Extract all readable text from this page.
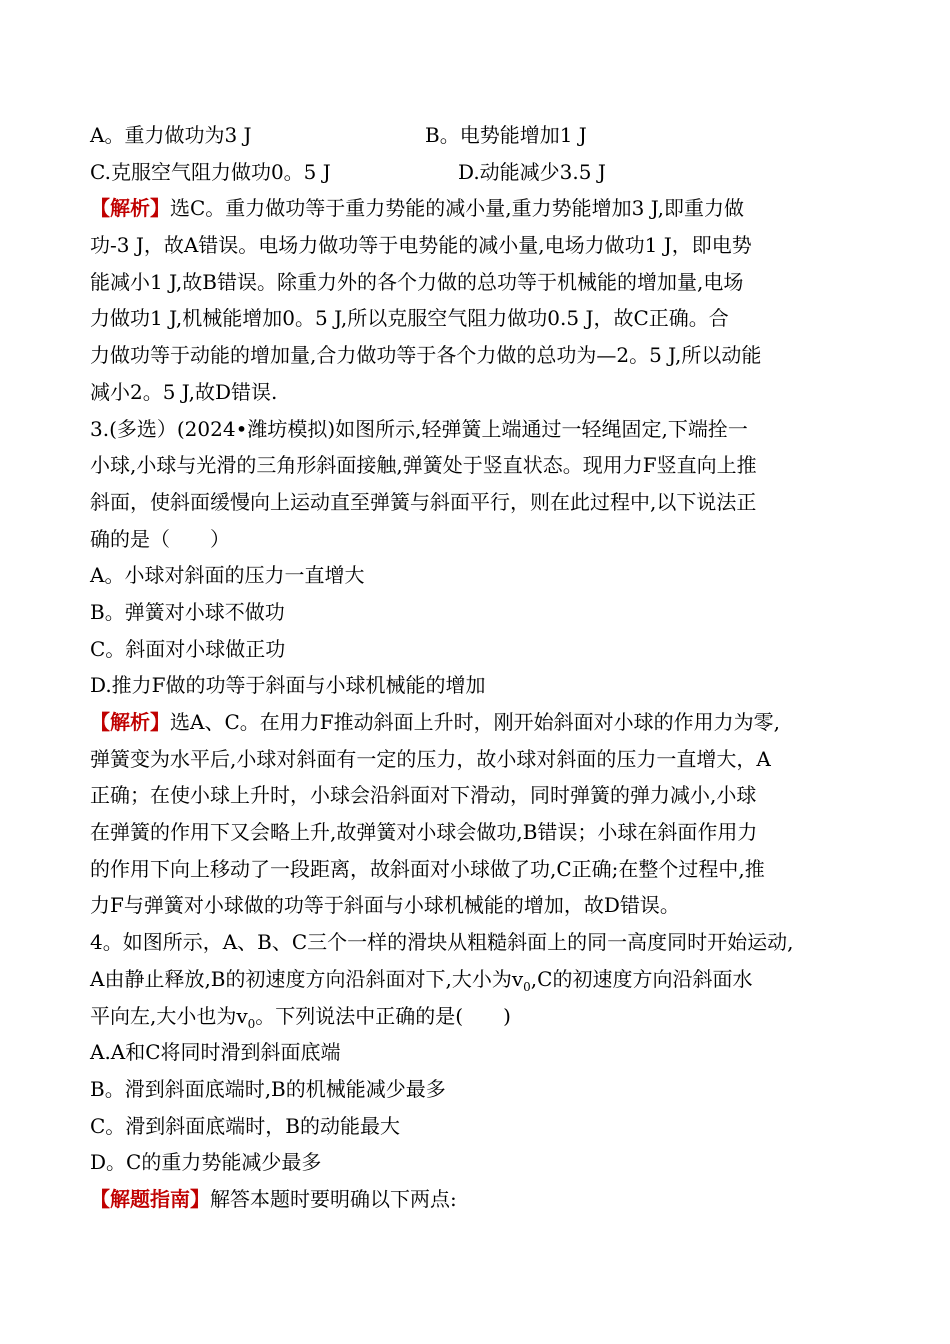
A。重力做功为3 J	B。电势能增加1 J
C.克服空气阻力做功0。5 J	D.动能减少3.5 J
【解析】选C。重力做功等于重力势能的减小量,重力势能增加3 J,即重力做
功-3 J，故A错误。电场力做功等于电势能的减小量,电场力做功1 J，即电势
能减小1 J,故B错误。除重力外的各个力做的总功等于机械能的增加量,电场
力做功1 J,机械能增加0。5 J,所以克服空气阻力做功0.5 J，故C正确。合
力做功等于动能的增加量,合力做功等于各个力做的总功为—2。5 J,所以动能
减小2。5 J,故D错误.
3.(多选）(2024•潍坊模拟)如图所示,轻弹簧上端通过一轻绳固定,下端拴一
小球,小球与光滑的三角形斜面接触,弹簧处于竖直状态。现用力F竖直向上推
斜面，使斜面缓慢向上运动直至弹簧与斜面平行，则在此过程中,以下说法正
确的是（　　）
A。小球对斜面的压力一直增大
B。弹簧对小球不做功
C。斜面对小球做正功
D.推力F做的功等于斜面与小球机械能的增加
【解析】选A、C。在用力F推动斜面上升时，刚开始斜面对小球的作用力为零,
弹簧变为水平后,小球对斜面有一定的压力，故小球对斜面的压力一直增大，A
正确；在使小球上升时，小球会沿斜面对下滑动，同时弹簧的弹力减小,小球
在弹簧的作用下又会略上升,故弹簧对小球会做功,B错误；小球在斜面作用力
的作用下向上移动了一段距离，故斜面对小球做了功,C正确;在整个过程中,推
力F与弹簧对小球做的功等于斜面与小球机械能的增加，故D错误。
4。如图所示，A、B、C三个一样的滑块从粗糙斜面上的同一高度同时开始运动,
A由静止释放,B的初速度方向沿斜面对下,大小为$v_0,C$的初速度方向沿斜面水
平向左,大小也为$v_0$。下列说法中正确的是(　　)
A.A和C将同时滑到斜面底端
B。滑到斜面底端时,B的机械能减少最多
C。滑到斜面底端时，B的动能最大
D。C的重力势能减少最多
【解题指南】解答本题时要明确以下两点:
